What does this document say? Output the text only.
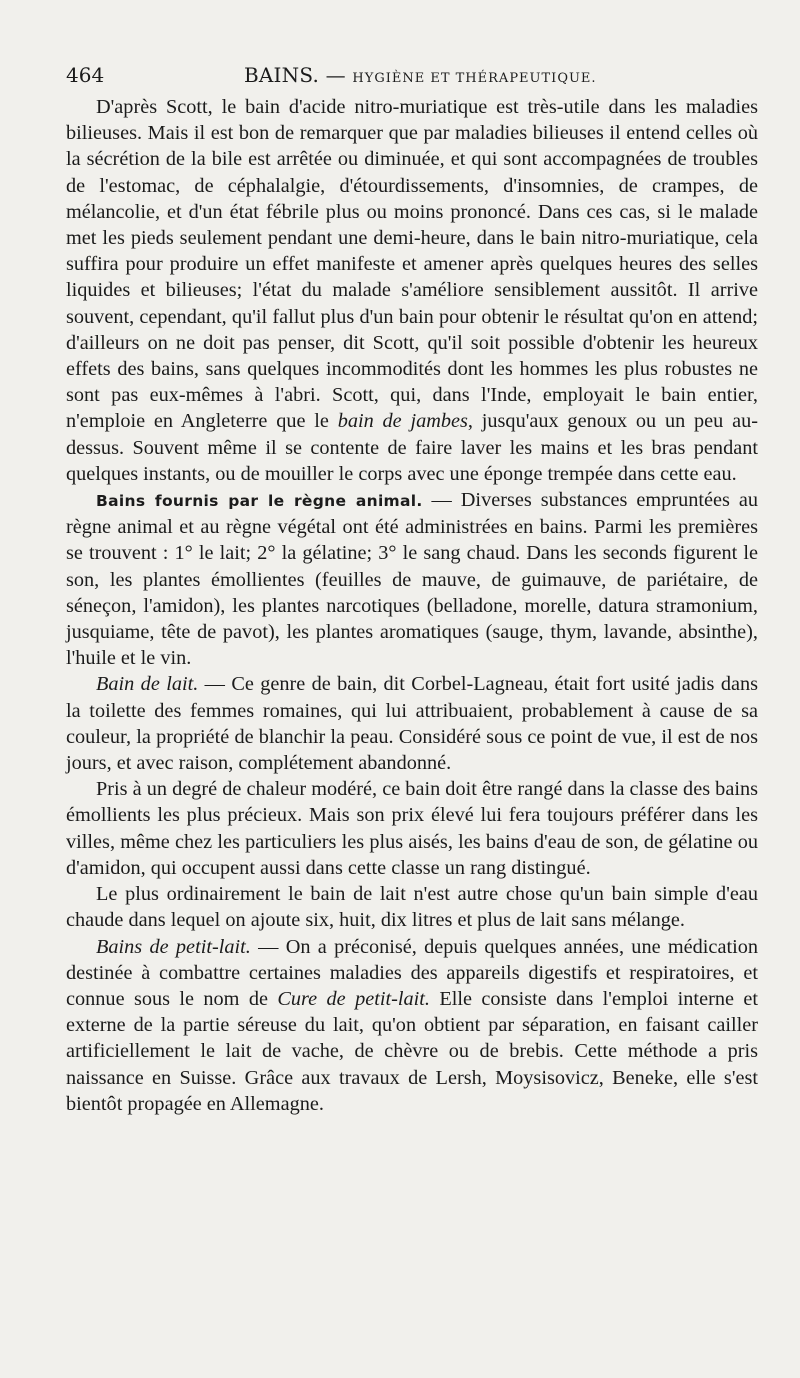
464	BAINS. — HYGIÈNE ET THÉRAPEUTIQUE.

D'après Scott, le bain d'acide nitro-muriatique est très-utile dans les maladies bilieuses. Mais il est bon de remarquer que par maladies bilieuses il entend celles où la sécrétion de la bile est arrêtée ou diminuée, et qui sont accompagnées de troubles de l'estomac, de céphalalgie, d'étourdissements, d'insomnies, de crampes, de mélancolie, et d'un état fébrile plus ou moins prononcé. Dans ces cas, si le malade met les pieds seulement pendant une demi-heure, dans le bain nitro-muriatique, cela suffira pour produire un effet manifeste et amener après quelques heures des selles liquides et bilieuses; l'état du malade s'améliore sensiblement aussitôt. Il arrive souvent, cependant, qu'il fallut plus d'un bain pour obtenir le résultat qu'on en attend; d'ailleurs on ne doit pas penser, dit Scott, qu'il soit possible d'obtenir les heureux effets des bains, sans quelques incommodités dont les hommes les plus robustes ne sont pas eux-mêmes à l'abri. Scott, qui, dans l'Inde, employait le bain entier, n'emploie en Angleterre que le bain de jambes, jusqu'aux genoux ou un peu au-dessus. Souvent même il se contente de faire laver les mains et les bras pendant quelques instants, ou de mouiller le corps avec une éponge trempée dans cette eau.

Bains fournis par le règne animal. — Diverses substances empruntées au règne animal et au règne végétal ont été administrées en bains. Parmi les premières se trouvent : 1° le lait; 2° la gélatine; 3° le sang chaud. Dans les seconds figurent le son, les plantes émollientes (feuilles de mauve, de guimauve, de pariétaire, de séneçon, l'amidon), les plantes narcotiques (belladone, morelle, datura stramonium, jusquiame, tête de pavot), les plantes aromatiques (sauge, thym, lavande, absinthe), l'huile et le vin.

Bain de lait. — Ce genre de bain, dit Corbel-Lagneau, était fort usité jadis dans la toilette des femmes romaines, qui lui attribuaient, probablement à cause de sa couleur, la propriété de blanchir la peau. Considéré sous ce point de vue, il est de nos jours, et avec raison, complétement abandonné.

Pris à un degré de chaleur modéré, ce bain doit être rangé dans la classe des bains émollients les plus précieux. Mais son prix élevé lui fera toujours préférer dans les villes, même chez les particuliers les plus aisés, les bains d'eau de son, de gélatine ou d'amidon, qui occupent aussi dans cette classe un rang distingué.

Le plus ordinairement le bain de lait n'est autre chose qu'un bain simple d'eau chaude dans lequel on ajoute six, huit, dix litres et plus de lait sans mélange.

Bains de petit-lait. — On a préconisé, depuis quelques années, une médication destinée à combattre certaines maladies des appareils digestifs et respiratoires, et connue sous le nom de Cure de petit-lait. Elle consiste dans l'emploi interne et externe de la partie séreuse du lait, qu'on obtient par séparation, en faisant cailler artificiellement le lait de vache, de chèvre ou de brebis. Cette méthode a pris naissance en Suisse. Grâce aux travaux de Lersh, Moysisovicz, Beneke, elle s'est bientôt propagée en Allemagne.
